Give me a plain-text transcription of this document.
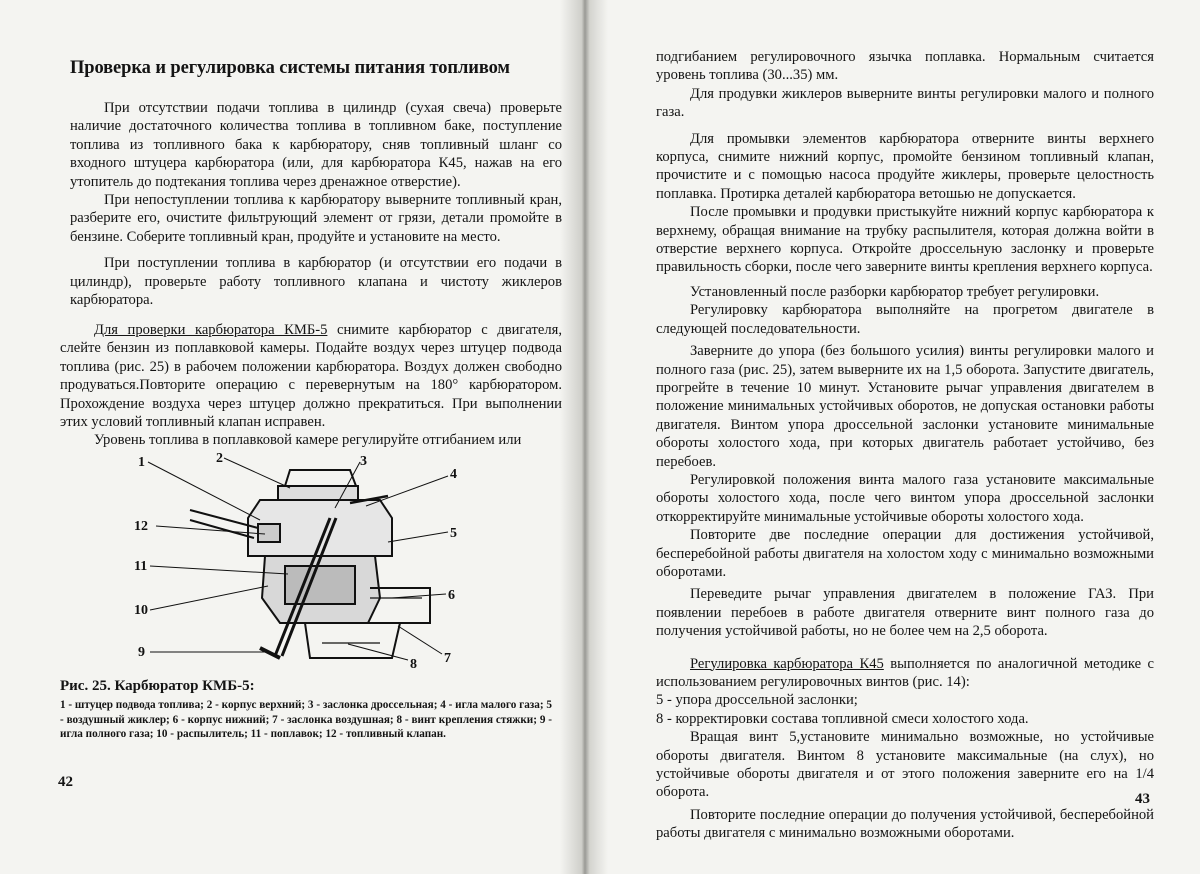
Проверка и регулировка системы питания топливом

При отсутствии подачи топлива в цилиндр (сухая свеча) проверьте наличие достаточного количества топлива в топливном баке, поступление топлива из топливного бака к карбюратору, сняв топливный шланг со входного штуцера карбюратора (или, для карбюратора К45, нажав на его утопитель до подтекания топлива через дренажное отверстие).

При непоступлении топлива к карбюратору выверните топливный кран, разберите его, очистите фильтрующий элемент от грязи, детали промойте в бензине. Соберите топливный кран, продуйте и установите на место.

При поступлении топлива в карбюратор (и отсутствии его подачи в цилиндр), проверьте работу топливного клапана и чистоту жиклеров карбюратора.

Для проверки карбюратора КМБ-5 снимите карбюратор с двигателя, слейте бензин из поплавковой камеры. Подайте воздух через штуцер подвода топлива (рис. 25) в рабочем положении карбюратора. Воздух должен свободно продуваться.Повторите операцию с перевернутым на 180° карбюратором. Прохождение воздуха через штуцер должно прекратиться. При выполнении этих условий топливный клапан исправен.

Уровень топлива в поплавковой камере регулируйте отгибанием или

1	2	3
4
5
6
7
8
9
10
11
12
Рис. 25. Карбюратор КМБ-5:
1 - штуцер подвода топлива; 2 - корпус верхний; 3 - заслонка дроссельная; 4 - игла малого газа; 5 - воздушный жиклер; 6 - корпус нижний; 7 - заслонка воздушная; 8 - винт крепления стяжки; 9 - игла полного газа; 10 - распылитель; 11 - поплавок; 12 - топливный клапан.
42

подгибанием регулировочного язычка поплавка. Нормальным считается уровень топлива (30...35) мм.

Для продувки жиклеров выверните винты регулировки малого и полного газа.

Для промывки элементов карбюратора отверните винты верхнего корпуса, снимите нижний корпус, промойте бензином топливный клапан, прочистите и с помощью насоса продуйте жиклеры, проверьте целостность поплавка. Протирка деталей карбюратора ветошью не допускается.

После промывки и продувки пристыкуйте нижний корпус карбюратора к верхнему, обращая внимание на трубку распылителя, которая должна войти в отверстие верхнего корпуса. Откройте дроссельную заслонку и проверьте правильность сборки, после чего заверните винты крепления верхнего корпуса.

Установленный после разборки карбюратор требует регулировки.

Регулировку карбюратора выполняйте на прогретом двигателе в следующей последовательности.

Заверните до упора (без большого усилия) винты регулировки малого и полного газа (рис. 25), затем выверните их на 1,5 оборота. Запустите двигатель, прогрейте в течение 10 минут. Установите рычаг управления двигателем в положение минимальных устойчивых оборотов, не допуская остановки работы двигателя. Винтом упора дроссельной заслонки установите минимальные обороты холостого хода, при которых двигатель работает устойчиво, без перебоев.

Регулировкой положения винта малого газа установите максимальные обороты холостого хода, после чего винтом упора дроссельной заслонки откорректируйте минимальные устойчивые обороты холостого хода.

Повторите две последние операции для достижения устойчивой, бесперебойной работы двигателя на холостом ходу с минимально возможными оборотами.

Переведите рычаг управления двигателем в положение ГАЗ. При появлении перебоев в работе двигателя отверните винт полного газа до получения устойчивой работы, но не более чем на 2,5 оборота.

Регулировка карбюратора К45 выполняется по аналогичной методике с использованием регулировочных винтов (рис. 14):

5 - упора дроссельной заслонки;

8 - корректировки состава топливной смеси холостого хода.

Вращая винт 5,установите минимально возможные, но устойчивые обороты двигателя. Винтом 8 установите максимальные (на слух), но устойчивые обороты двигателя и от этого положения заверните его на 1/4 оборота.

Повторите последние операции до получения устойчивой, бесперебойной работы двигателя с минимально возможными оборотами.

43
